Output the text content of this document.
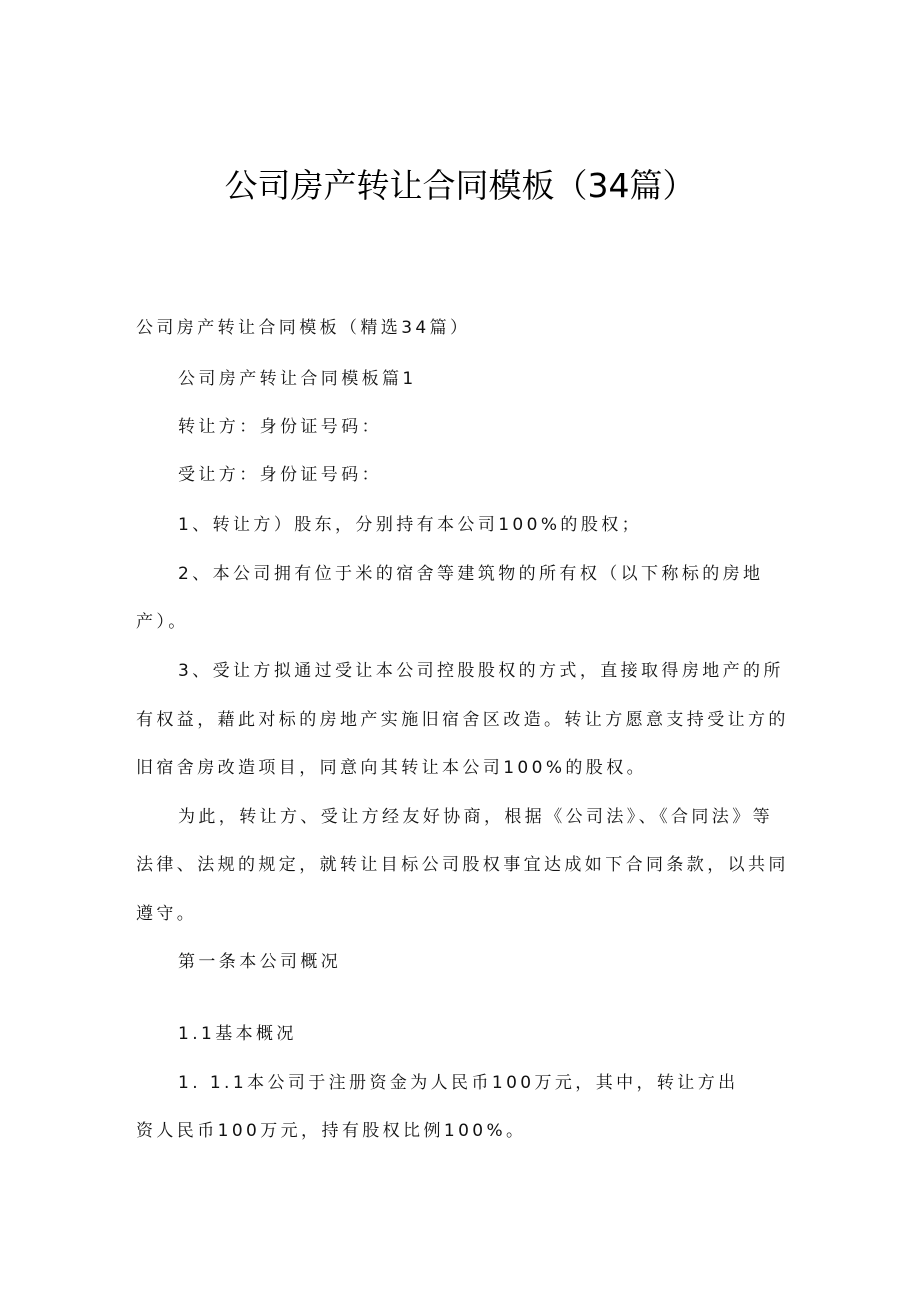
公司房产转让合同模板（34篇）
公司房产转让合同模板（精选34篇）
公司房产转让合同模板篇1
转让方：身份证号码：
受让方：身份证号码：
1、转让方）股东，分别持有本公司100%的股权；
2、本公司拥有位于米的宿舍等建筑物的所有权（以下称标的房地
产）。
3、受让方拟通过受让本公司控股股权的方式，直接取得房地产的所
有权益，藉此对标的房地产实施旧宿舍区改造。转让方愿意支持受让方的
旧宿舍房改造项目，同意向其转让本公司100%的股权。
为此，转让方、受让方经友好协商，根据《公司法》、《合同法》等
法律、法规的规定，就转让目标公司股权事宜达成如下合同条款，以共同
遵守。
第一条本公司概况
1.1基本概况
1. 1.1本公司于注册资金为人民币100万元，其中，转让方出
资人民币100万元，持有股权比例100%。
